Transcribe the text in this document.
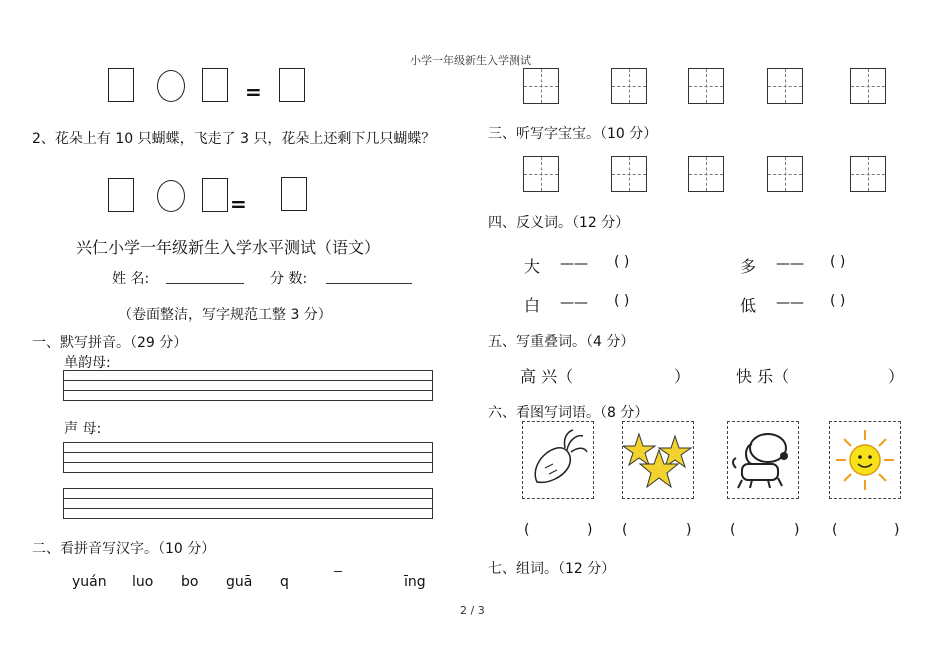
小学一年级新生入学测试
=
2、花朵上有 10 只蝴蝶，飞走了 3 只，花朵上还剩下几只蝴蝶？
=
兴仁小学一年级新生入学水平测试（语文）
姓 名:	分 数:
（卷面整洁，写字规范工整 3 分）
一、默写拼音。（29 分）
单韵母:
声 母:
二、看拼音写汉字。（10 分）
yuán luo bo guā q	īng
三、听写字宝宝。（10 分）
四、反义词。（12 分）
大 —— ( )	多 —— ( )
白 —— ( )	低 —— ( )
五、写重叠词。（4 分）
高 兴（	）	快 乐（	）
六、看图写词语。（8 分）
(	) (	)	(	) (	)
七、组词。（12 分）
2 / 3
